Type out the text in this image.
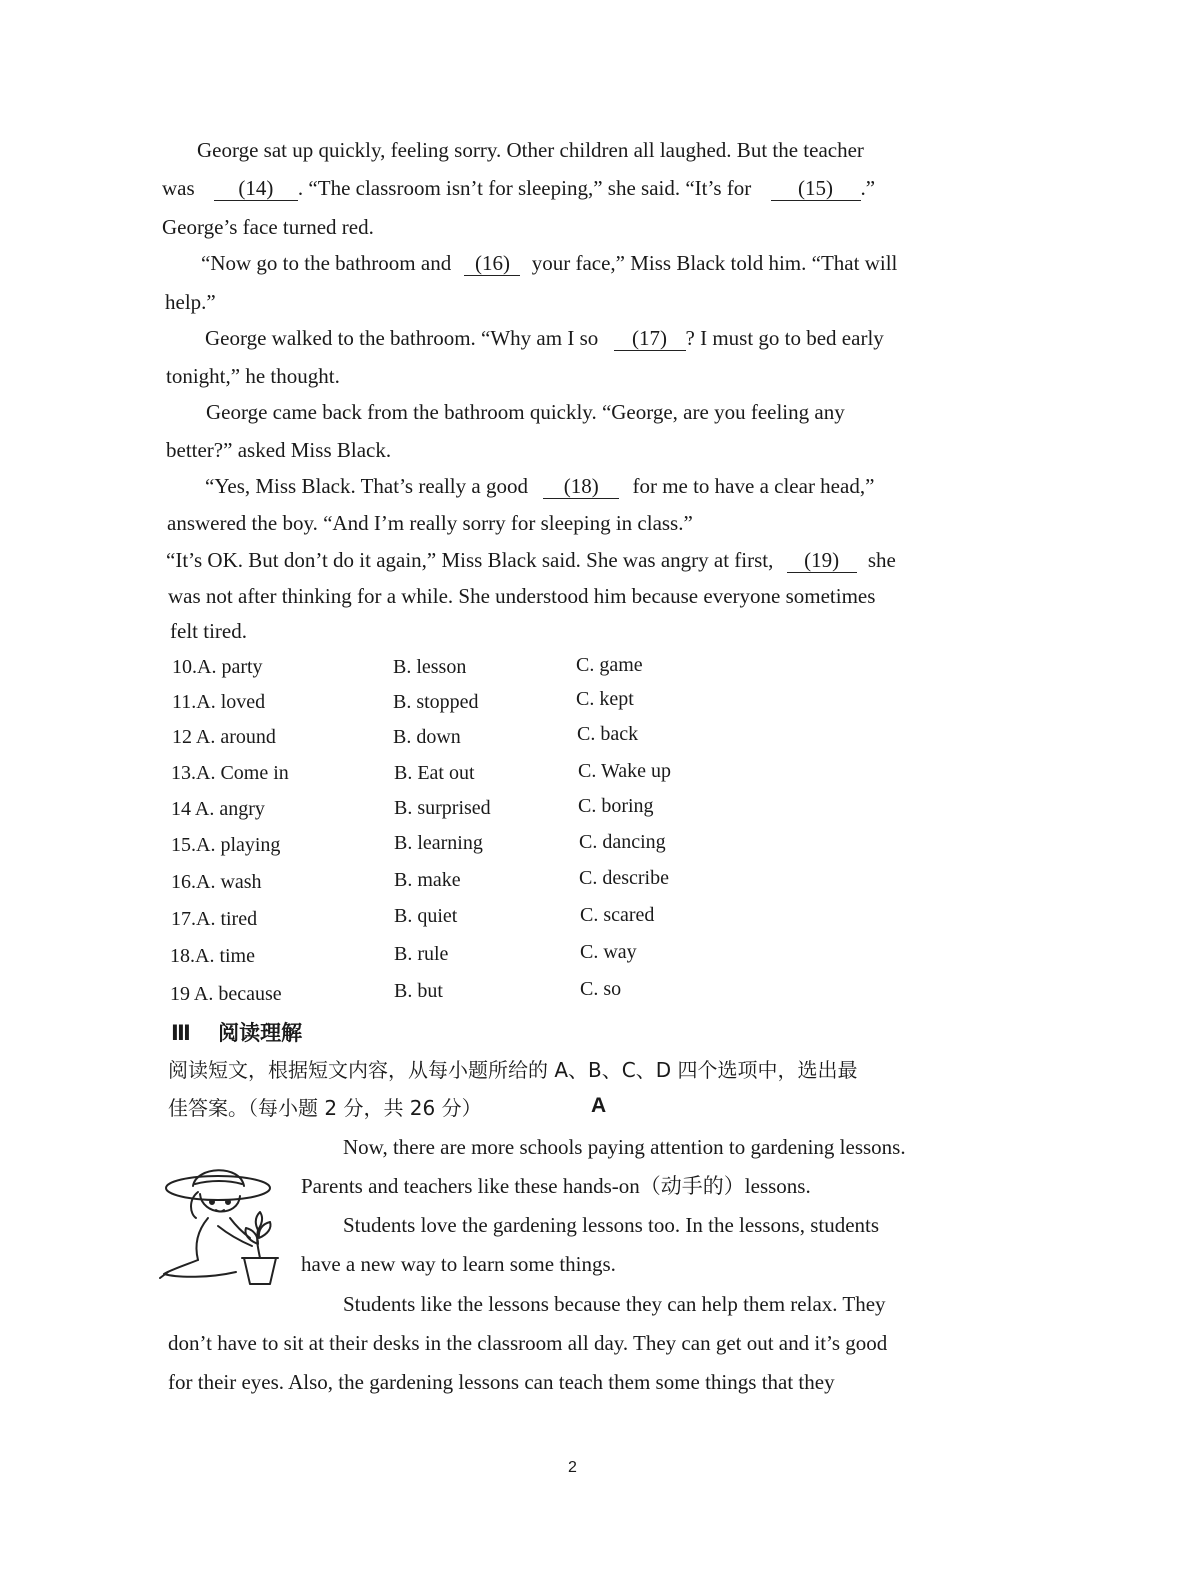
George sat up quickly, feeling sorry. Other children all laughed. But the teacher
was (14) . “The classroom isn’t for sleeping,” she said. “It’s for (15) .”
George’s face turned red.
“Now go to the bathroom and (16) your face,” Miss Black told him. “That will
help.”
George walked to the bathroom. “Why am I so (17) ? I must go to bed early
tonight,” he thought.
George came back from the bathroom quickly. “George, are you feeling any
better?” asked Miss Black.
“Yes, Miss Black. That’s really a good (18) for me to have a clear head,”
answered the boy. “And I’m really sorry for sleeping in class.”
“It’s OK. But don’t do it again,” Miss Black said. She was angry at first, (19) she
was not after thinking for a while. She understood him because everyone sometimes
felt tired.
10.A. party	B. lesson	C. game
11.A. loved	B. stopped	C. kept
12 A. around	B. down	C. back
13.A. Come in	B. Eat out	C. Wake up
14 A. angry	B. surprised	C. boring
15.A. playing	B. learning	C. dancing
16.A. wash	B. make	C. describe
17.A. tired	B. quiet	C. scared
18.A. time	B. rule	C. way
19 A. because	B. but	C. so
Ⅲ 阅读理解
阅读短文，根据短文内容，从每小题所给的 A、B、C、D 四个选项中，选出最
佳答案。（每小题 2 分，共 26 分）	A
Now, there are more schools paying attention to gardening lessons.
Parents and teachers like these hands-on（动手的）lessons.
Students love the gardening lessons too. In the lessons, students
have a new way to learn some things.
Students like the lessons because they can help them relax. They
don’t have to sit at their desks in the classroom all day. They can get out and it’s good
for their eyes. Also, the gardening lessons can teach them some things that they
2
